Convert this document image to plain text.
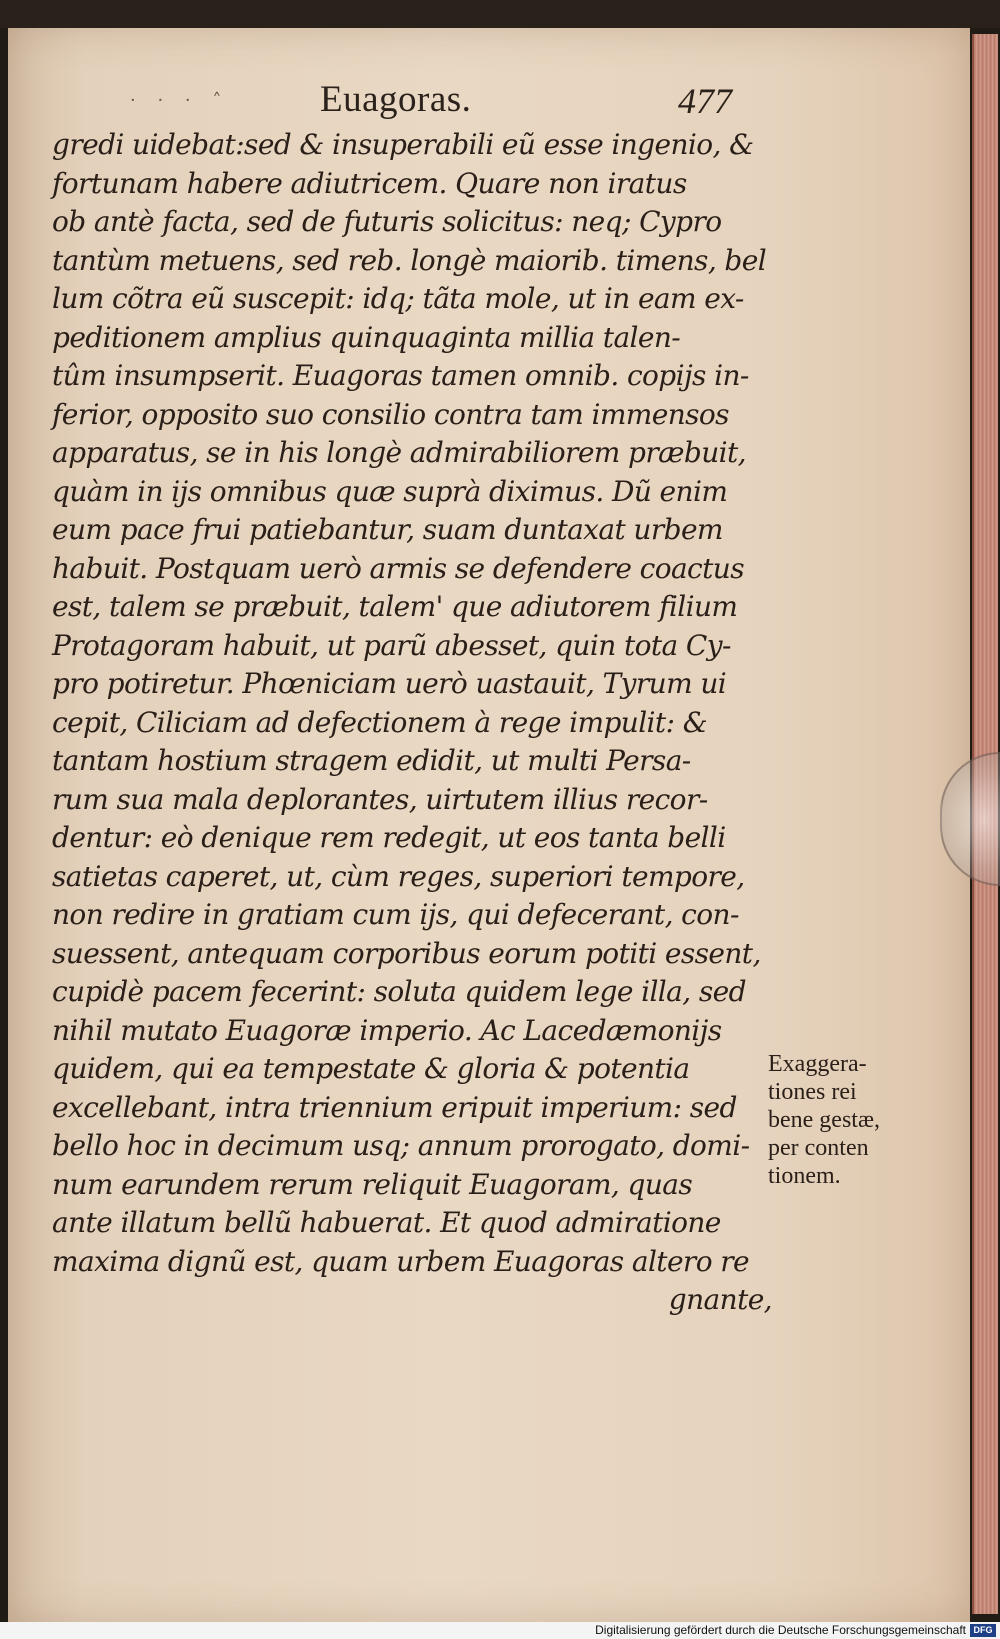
· · · ˄ Euagoras.	477
gredi uidebat:sed & insuperabili eũ esse ingenio, &
fortunam habere adiutricem. Quare non iratus
ob antè facta, sed de futuris solicitus: neq; Cypro
tantùm metuens, sed reb. longè maiorib. timens, bel
lum cõtra eũ suscepit: idq; tãta mole, ut in eam ex-
peditionem amplius quinquaginta millia talen-
tûm insumpserit. Euagoras tamen omnib. copijs in-
ferior, opposito suo consilio contra tam immensos
apparatus, se in his longè admirabiliorem præbuit,
quàm in ijs omnibus quæ suprà diximus. Dũ enim
eum pace frui patiebantur, suam duntaxat urbem
habuit. Postquam uerò armis se defendere coactus
est, talem se præbuit, talem' que adiutorem filium
Protagoram habuit, ut parũ abesset, quin tota Cy-
pro potiretur. Phœniciam uerò uastauit, Tyrum ui
cepit, Ciliciam ad defectionem à rege impulit: &
tantam hostium stragem edidit, ut multi Persa-
rum sua mala deplorantes, uirtutem illius recor-
dentur: eò denique rem redegit, ut eos tanta belli
satietas caperet, ut, cùm reges, superiori tempore,
non redire in gratiam cum ijs, qui defecerant, con-
suessent, antequam corporibus eorum potiti essent,
cupidè pacem fecerint: soluta quidem lege illa, sed
nihil mutato Euagoræ imperio. Ac Lacedæmonijs
quidem, qui ea tempestate & gloria & potentia
excellebant, intra triennium eripuit imperium: sed
bello hoc in decimum usq; annum prorogato, domi-
num earundem rerum reliquit Euagoram, quas
ante illatum bellũ habuerat. Et quod admiratione
maxima dignũ est, quam urbem Euagoras altero re
gnante,
Exaggera-
tiones rei
bene gestæ,
per conten
tionem.
Digitalisierung gefördert durch die Deutsche Forschungsgemeinschaft DFG
